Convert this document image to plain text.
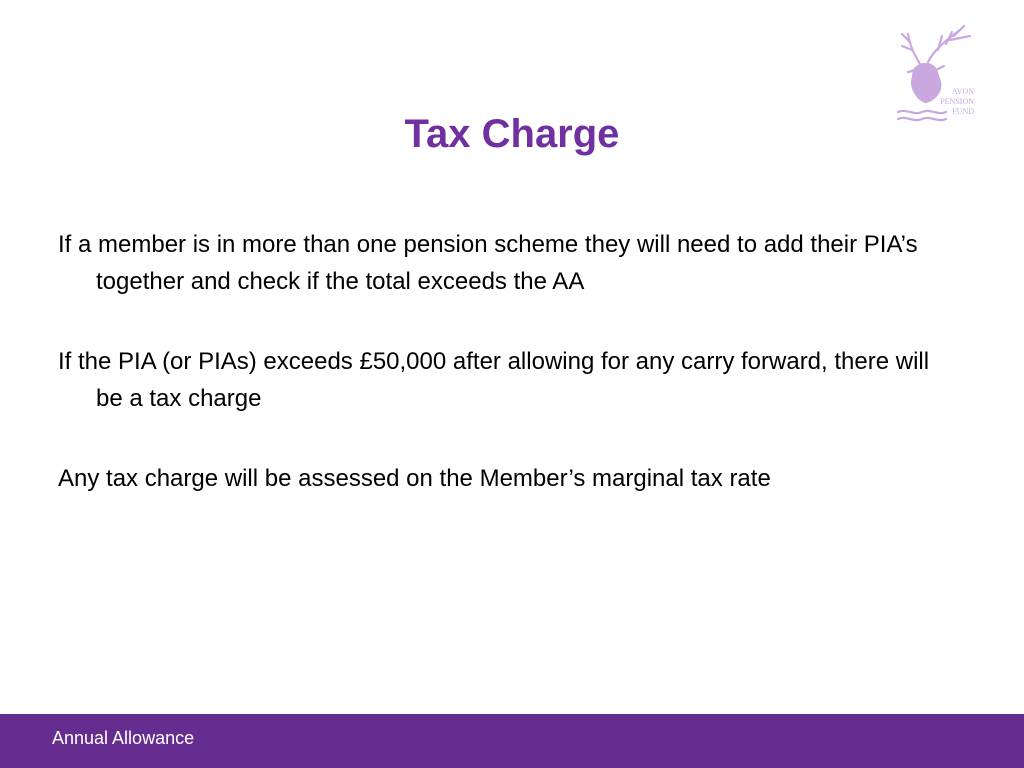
AVON
PENSION
FUND
Tax Charge

If a member is in more than one pension scheme they will need to add their PIA’s together and check if the total exceeds the AA

If the PIA (or PIAs) exceeds £50,000 after allowing for any carry forward, there will be a tax charge

Any tax charge will be assessed on the Member’s marginal tax rate

Annual Allowance
